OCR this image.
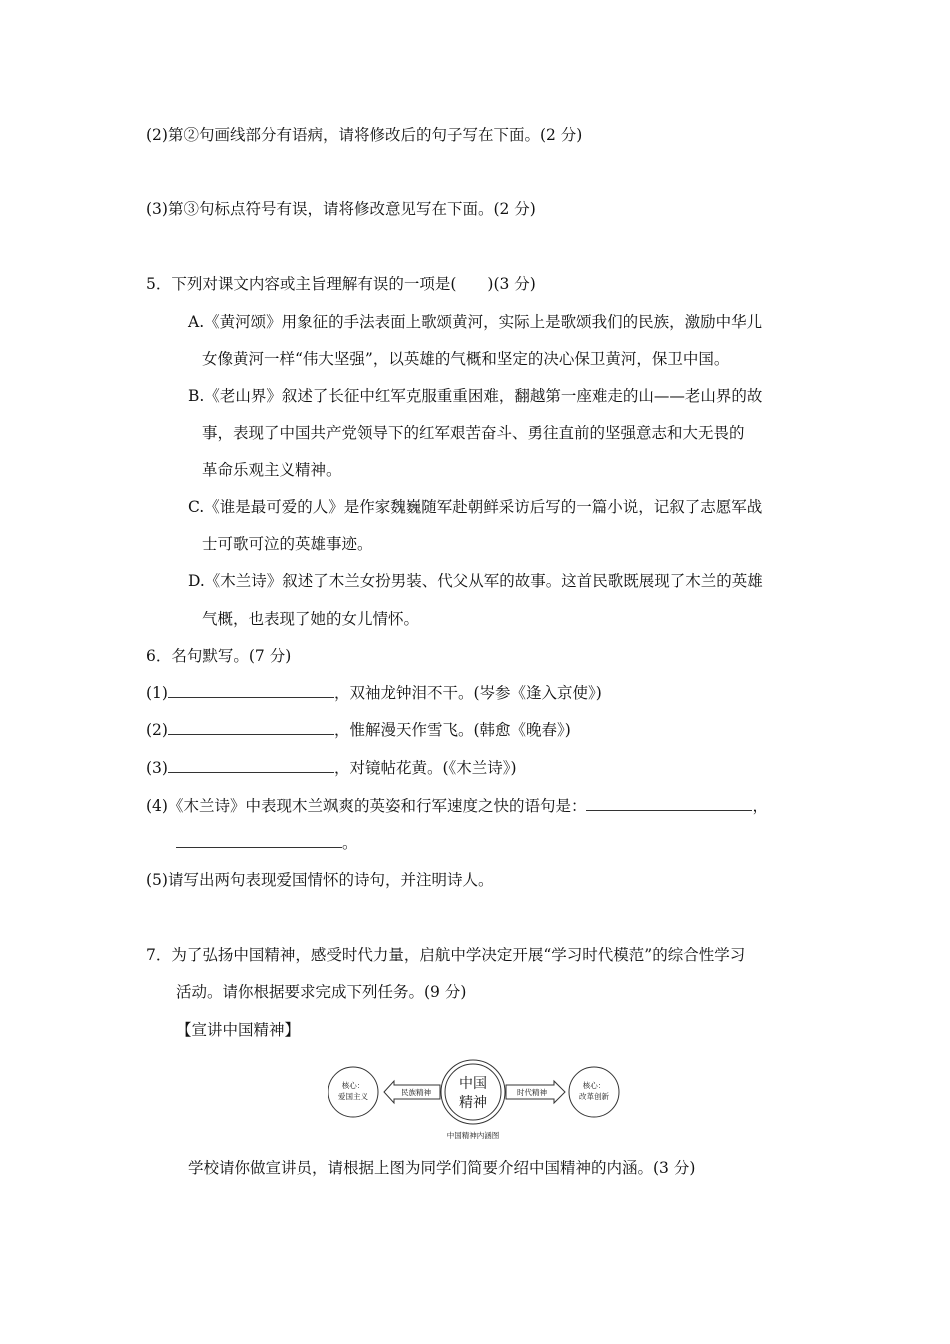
(2)第②句画线部分有语病，请将修改后的句子写在下面。(2 分)
(3)第③句标点符号有误，请将修改意见写在下面。(2 分)
5．下列对课文内容或主旨理解有误的一项是(　　)(3 分)
A.《黄河颂》用象征的手法表面上歌颂黄河，实际上是歌颂我们的民族，激励中华儿
女像黄河一样“伟大坚强”，以英雄的气概和坚定的决心保卫黄河，保卫中国。
B.《老山界》叙述了长征中红军克服重重困难，翻越第一座难走的山——老山界的故
事，表现了中国共产党领导下的红军艰苦奋斗、勇往直前的坚强意志和大无畏的
革命乐观主义精神。
C.《谁是最可爱的人》是作家魏巍随军赴朝鲜采访后写的一篇小说，记叙了志愿军战
士可歌可泣的英雄事迹。
D.《木兰诗》叙述了木兰女扮男装、代父从军的故事。这首民歌既展现了木兰的英雄
气概，也表现了她的女儿情怀。
6．名句默写。(7 分)
(1)	，双袖龙钟泪不干。(岑参《逢入京使》)
(2)	，惟解漫天作雪飞。(韩愈《晚春》)
(3)	，对镜帖花黄。(《木兰诗》)
(4)《木兰诗》中表现木兰飒爽的英姿和行军速度之快的语句是：	，
。
(5)请写出两句表现爱国情怀的诗句，并注明诗人。
7．为了弘扬中国精神，感受时代力量，启航中学决定开展“学习时代模范”的综合性学习
活动。请你根据要求完成下列任务。(9 分)
【宣讲中国精神】
核心：
爱国主义	民族精神
中国
精神
时代精神
核心：
改革创新
中国精神内涵图
学校请你做宣讲员，请根据上图为同学们简要介绍中国精神的内涵。(3 分)
